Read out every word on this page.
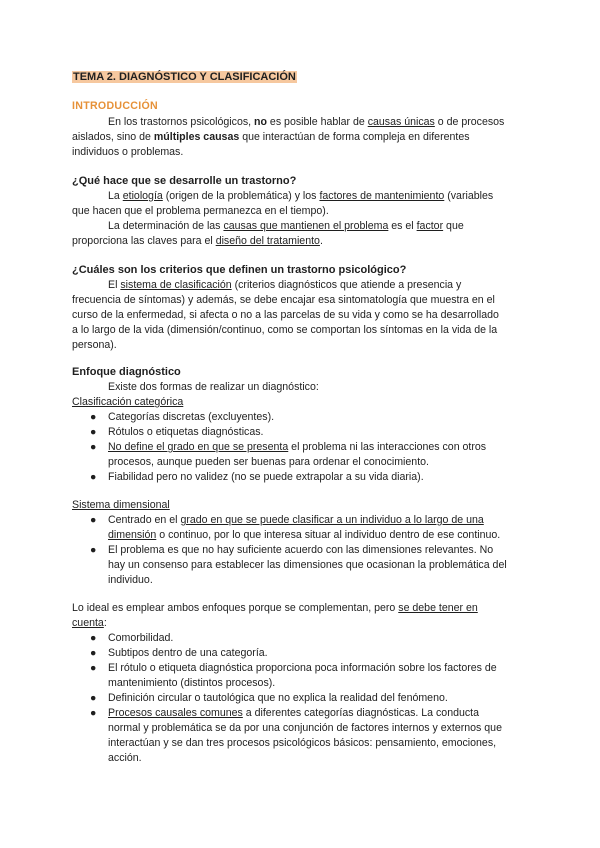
TEMA 2. DIAGNÓSTICO Y CLASIFICACIÓN
INTRODUCCIÓN
En los trastornos psicológicos, no es posible hablar de causas únicas o de procesos
aislados, sino de múltiples causas que interactúan de forma compleja en diferentes
individuos o problemas.
¿Qué hace que se desarrolle un trastorno?
La etiología (origen de la problemática) y los factores de mantenimiento (variables
que hacen que el problema permanezca en el tiempo).
La determinación de las causas que mantienen el problema es el factor que
proporciona las claves para el diseño del tratamiento.
¿Cuáles son los criterios que definen un trastorno psicológico?
El sistema de clasificación (criterios diagnósticos que atiende a presencia y
frecuencia de síntomas) y además, se debe encajar esa sintomatología que muestra en el
curso de la enfermedad, si afecta o no a las parcelas de su vida y como se ha desarrollado
a lo largo de la vida (dimensión/continuo, como se comportan los síntomas en la vida de la
persona).
Enfoque diagnóstico
Existe dos formas de realizar un diagnóstico:
Clasificación categórica
● Categorías discretas (excluyentes).
● Rótulos o etiquetas diagnósticas.
● No define el grado en que se presenta el problema ni las interacciones con otros
procesos, aunque pueden ser buenas para ordenar el conocimiento.
● Fiabilidad pero no validez (no se puede extrapolar a su vida diaria).
Sistema dimensional
● Centrado en el grado en que se puede clasificar a un individuo a lo largo de una
dimensión o continuo, por lo que interesa situar al individuo dentro de ese continuo.
● El problema es que no hay suficiente acuerdo con las dimensiones relevantes. No
hay un consenso para establecer las dimensiones que ocasionan la problemática del
individuo.
Lo ideal es emplear ambos enfoques porque se complementan, pero se debe tener en
cuenta:
● Comorbilidad.
● Subtipos dentro de una categoría.
● El rótulo o etiqueta diagnóstica proporciona poca información sobre los factores de
mantenimiento (distintos procesos).
● Definición circular o tautológica que no explica la realidad del fenómeno.
● Procesos causales comunes a diferentes categorías diagnósticas. La conducta
normal y problemática se da por una conjunción de factores internos y externos que
interactúan y se dan tres procesos psicológicos básicos: pensamiento, emociones,
acción.
